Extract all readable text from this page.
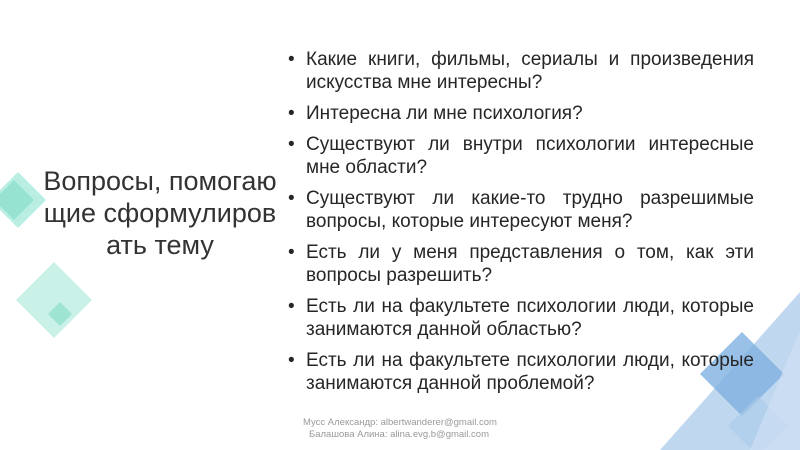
Вопросы, помогающие сформулировать тему
• Какие книги, фильмы, сериалы и произведения искусства мне интересны?
• Интересна ли мне психология?
• Существуют ли внутри психологии интересные мне области?
• Существуют ли какие-то трудно разрешимые вопросы, которые интересуют меня?
• Есть ли у меня представления о том, как эти вопросы разрешить?
• Есть ли на факультете психологии люди, которые занимаются данной областью?
• Есть ли на факультете психологии люди, которые занимаются данной проблемой?
Мусс Александр: albertwanderer@gmail.com
Балашова Алина: alina.evg.b@gmail.com
